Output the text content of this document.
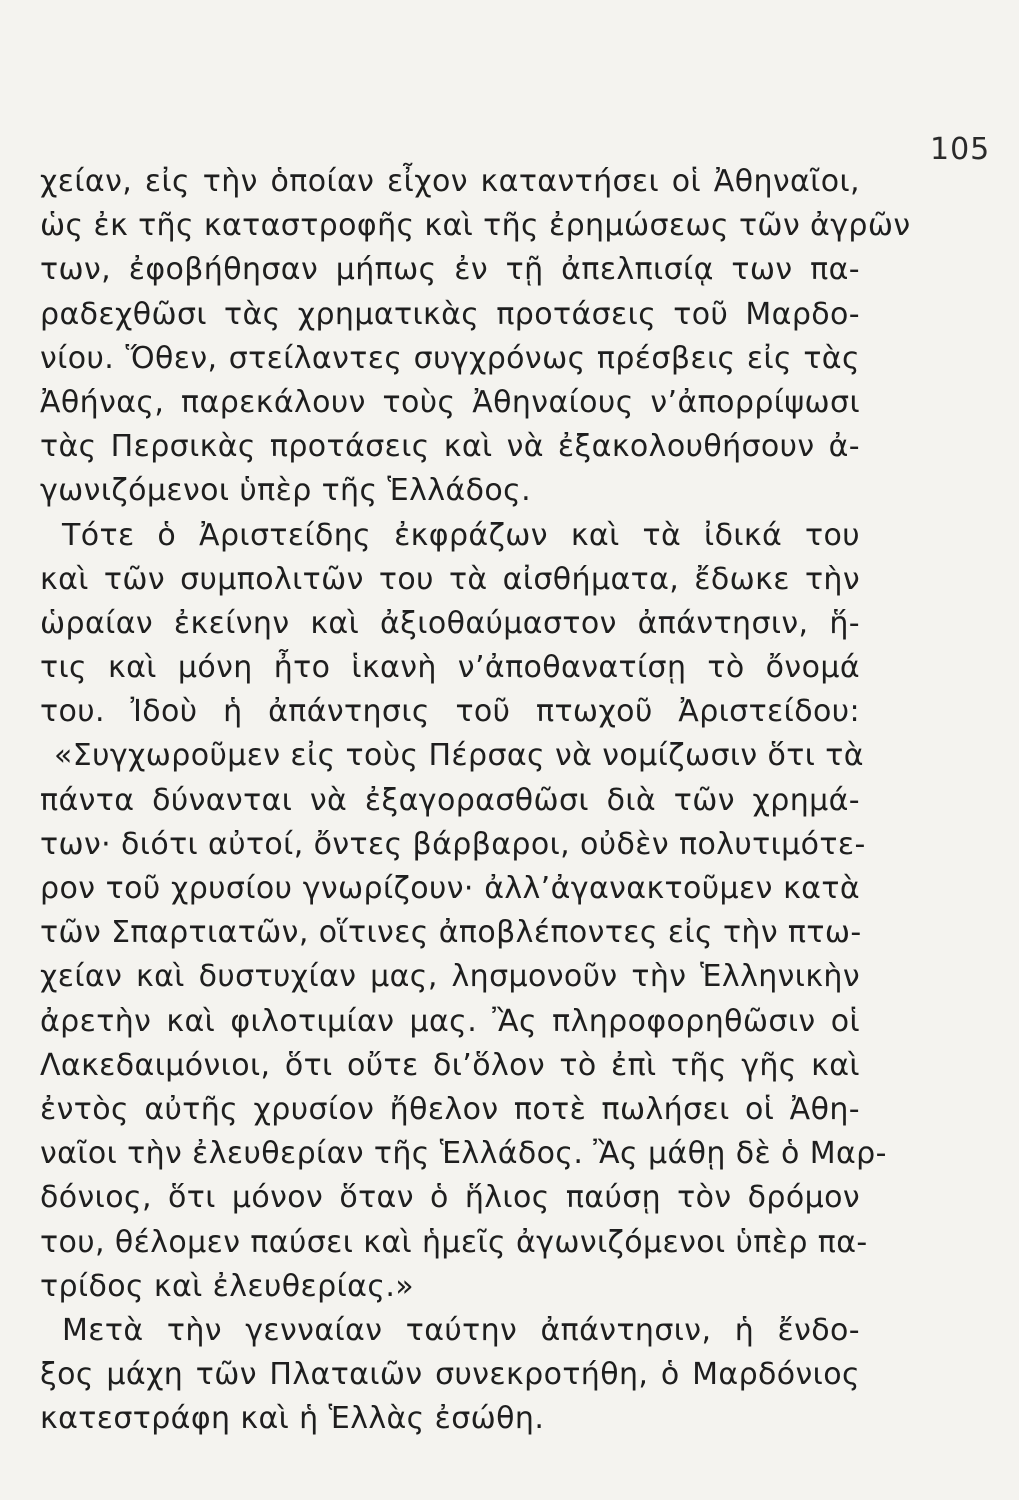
105
χείαν, εἰς τὴν ὁποίαν εἶχον καταντήσει οἱ Ἀθηναῖοι,
ὡς ἐκ τῆς καταστροφῆς καὶ τῆς ἐρημώσεως τῶν ἀγρῶν
των, ἐφοβήθησαν μήπως ἐν τῇ ἀπελπισίᾳ των πα-
ραδεχθῶσι τὰς χρηματικὰς προτάσεις τοῦ Μαρδο-
νίου. Ὅθεν, στείλαντες συγχρόνως πρέσβεις εἰς τὰς
Ἀθήνας, παρεκάλουν τοὺς Ἀθηναίους ν’ἀπορρίψωσι
τὰς Περσικὰς προτάσεις καὶ νὰ ἐξακολουθήσουν ἀ-
γωνιζόμενοι ὑπὲρ τῆς Ἑλλάδος.
Τότε ὁ Ἀριστείδης ἐκφράζων καὶ τὰ ἰδικά του
καὶ τῶν συμπολιτῶν του τὰ αἰσθήματα, ἔδωκε τὴν
ὡραίαν ἐκείνην καὶ ἀξιοθαύμαστον ἀπάντησιν, ἥ-
τις καὶ μόνη ἦτο ἱκανὴ ν’ἀποθανατίσῃ τὸ ὄνομά
του. Ἰδοὺ ἡ ἀπάντησις τοῦ πτωχοῦ Ἀριστείδου:
«Συγχωροῦμεν εἰς τοὺς Πέρσας νὰ νομίζωσιν ὅτι τὰ
πάντα δύνανται νὰ ἐξαγορασθῶσι διὰ τῶν χρημά-
των· διότι αὐτοί, ὄντες βάρβαροι, οὐδὲν πολυτιμότε-
ρον τοῦ χρυσίου γνωρίζουν· ἀλλ’ἀγανακτοῦμεν κατὰ
τῶν Σπαρτιατῶν, οἵτινες ἀποβλέποντες εἰς τὴν πτω-
χείαν καὶ δυστυχίαν μας, λησμονοῦν τὴν Ἑλληνικὴν
ἀρετὴν καὶ φιλοτιμίαν μας. Ἂς πληροφορηθῶσιν οἱ
Λακεδαιμόνιοι, ὅτι οὔτε δι’ὅλον τὸ ἐπὶ τῆς γῆς καὶ
ἐντὸς αὐτῆς χρυσίον ἤθελον ποτὲ πωλήσει οἱ Ἀθη-
ναῖοι τὴν ἐλευθερίαν τῆς Ἑλλάδος. Ἂς μάθῃ δὲ ὁ Μαρ-
δόνιος, ὅτι μόνον ὅταν ὁ ἥλιος παύσῃ τὸν δρόμον
του, θέλομεν παύσει καὶ ἡμεῖς ἀγωνιζόμενοι ὑπὲρ πα-
τρίδος καὶ ἐλευθερίας.»
Μετὰ τὴν γενναίαν ταύτην ἀπάντησιν, ἡ ἔνδο-
ξος μάχη τῶν Πλαταιῶν συνεκροτήθη, ὁ Μαρδόνιος
κατεστράφη καὶ ἡ Ἑλλὰς ἐσώθη.
